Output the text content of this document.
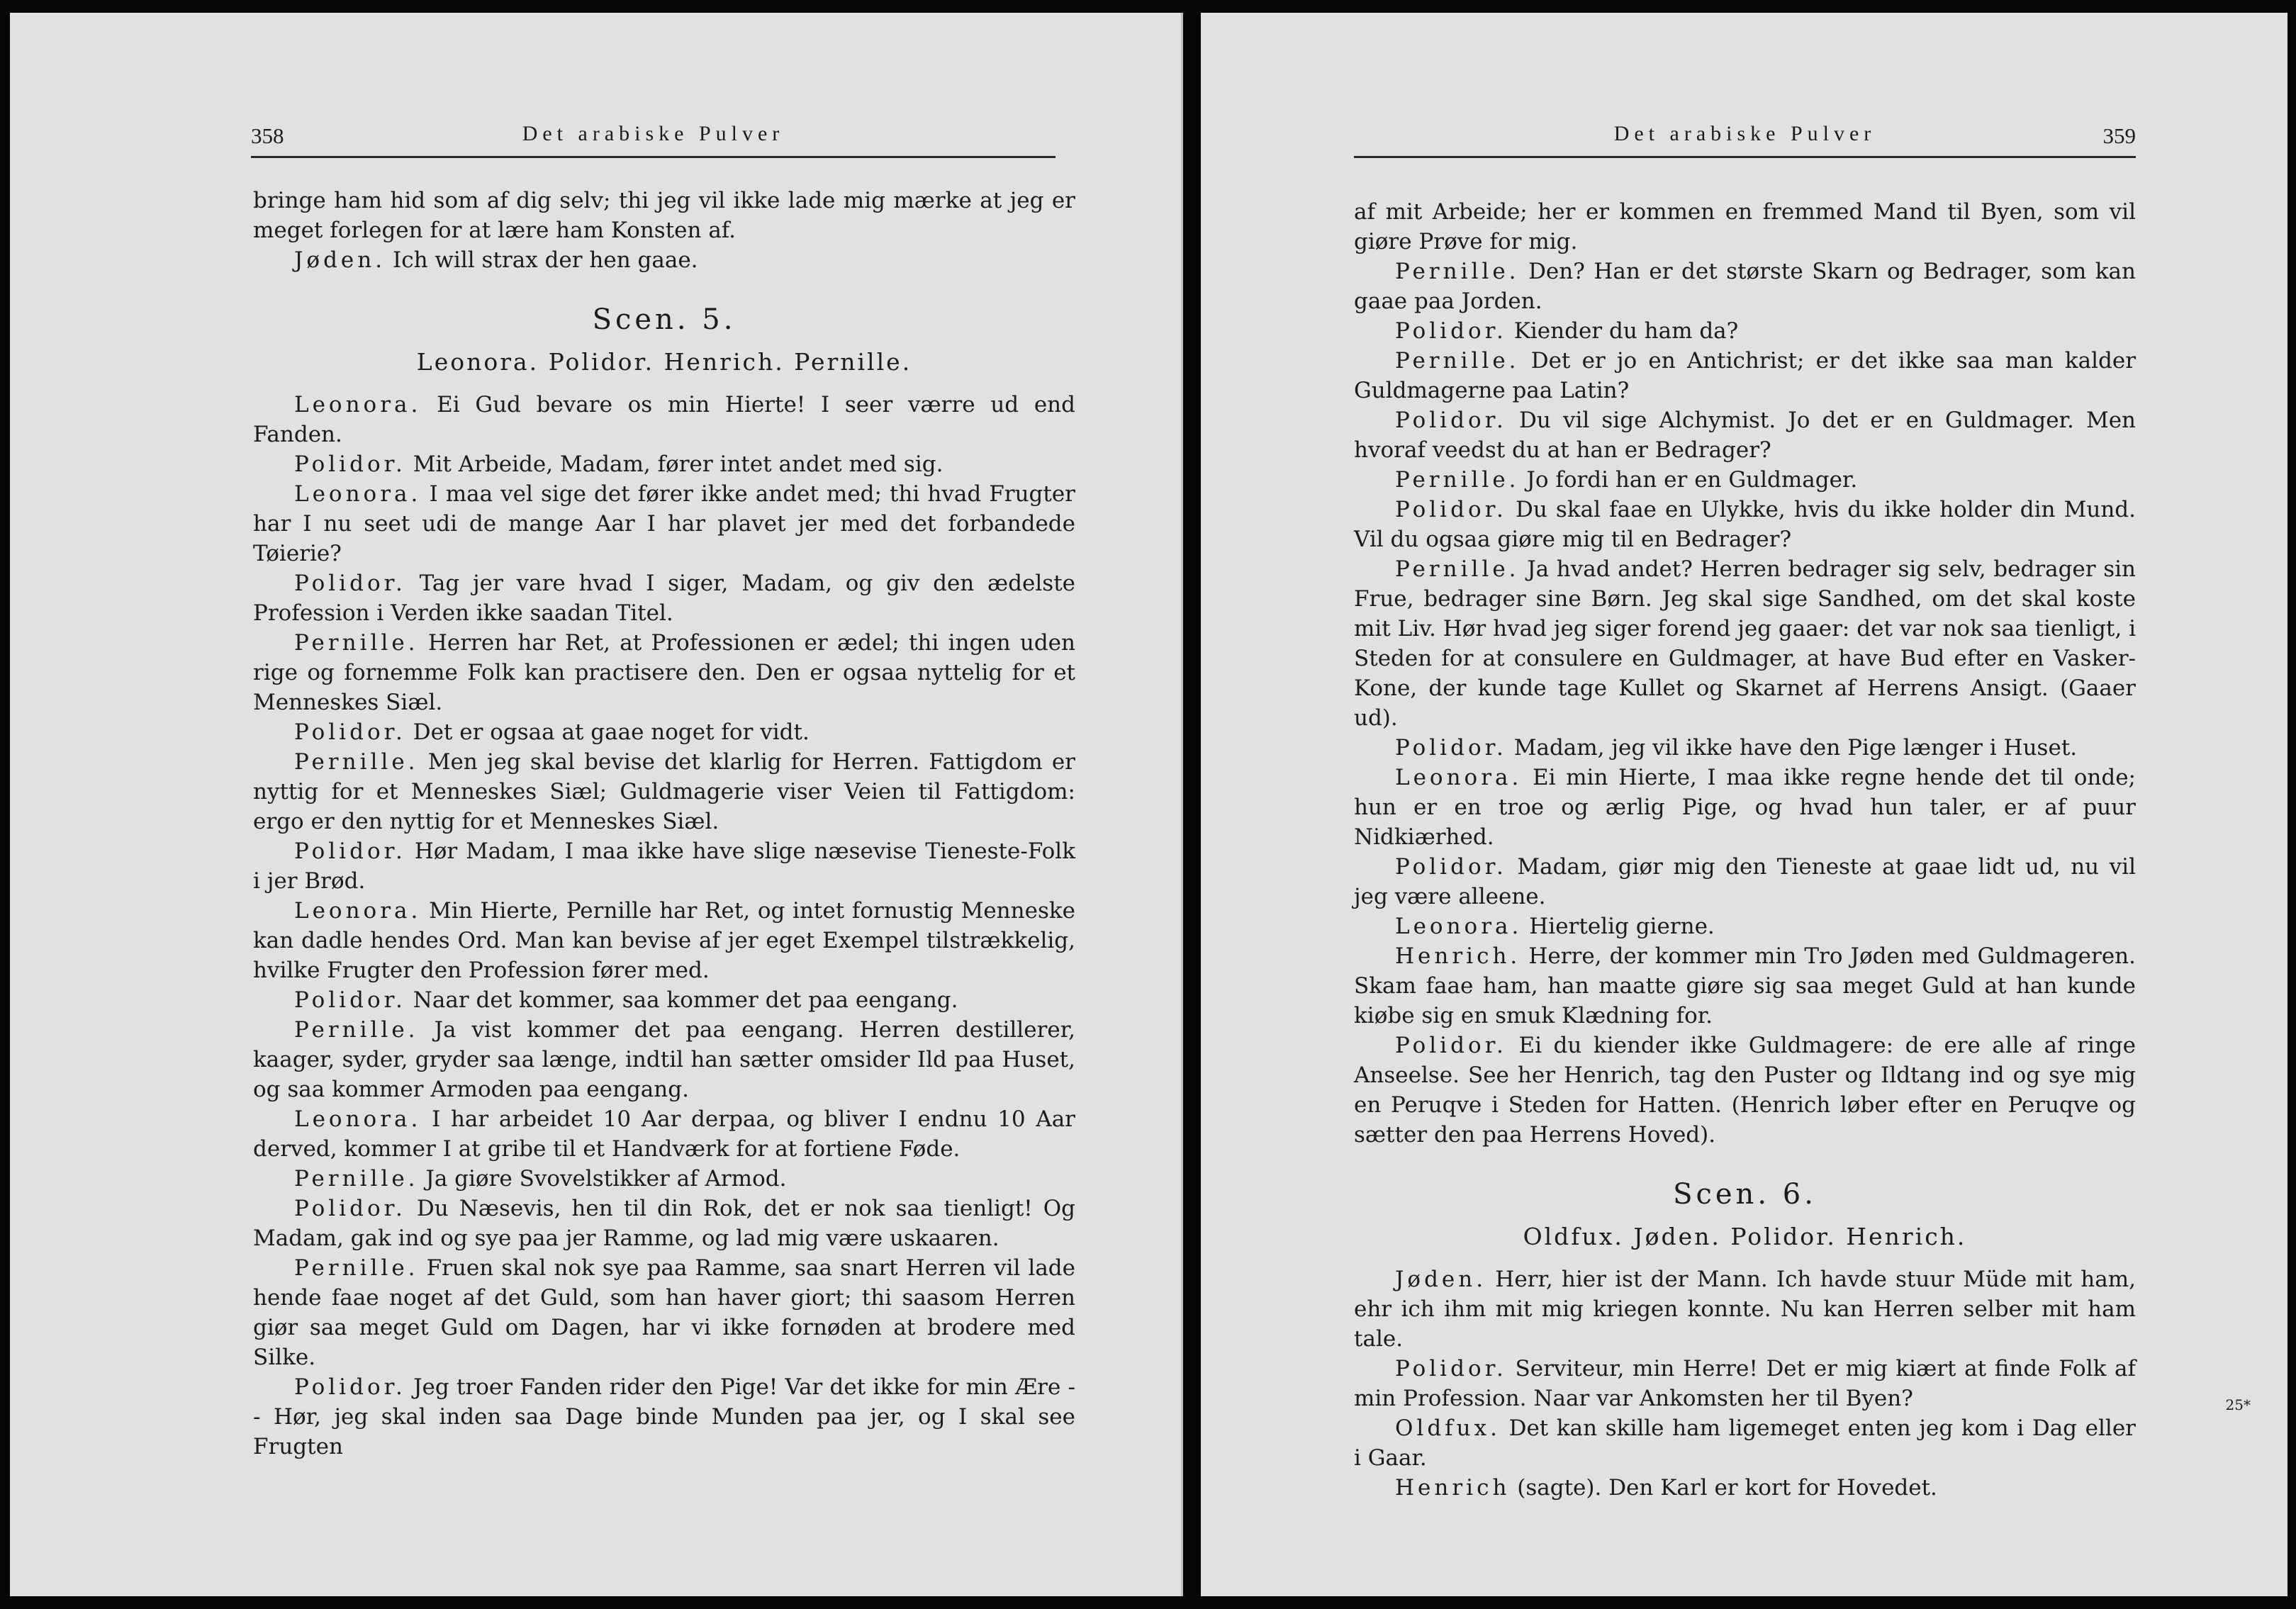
358	Det arabiske Pulver

bringe ham hid som af dig selv; thi jeg vil ikke lade mig mærke at jeg er meget forlegen for at lære ham Konsten af.

Jøden. Ich will strax der hen gaae.

Scen. 5.
Leonora. Polidor. Henrich. Pernille.

Leonora. Ei Gud bevare os min Hierte! I seer værre ud end Fanden.

Polidor. Mit Arbeide, Madam, fører intet andet med sig.

Leonora. I maa vel sige det fører ikke andet med; thi hvad Frugter har I nu seet udi de mange Aar I har plavet jer med det forbandede Tøierie?

Polidor. Tag jer vare hvad I siger, Madam, og giv den ædelste Profession i Verden ikke saadan Titel.

Pernille. Herren har Ret, at Professionen er ædel; thi ingen uden rige og fornemme Folk kan practisere den. Den er ogsaa nyttelig for et Menneskes Siæl.

Polidor. Det er ogsaa at gaae noget for vidt.

Pernille. Men jeg skal bevise det klarlig for Herren. Fattigdom er nyttig for et Menneskes Siæl; Guldmagerie viser Veien til Fattigdom: ergo er den nyttig for et Menneskes Siæl.

Polidor. Hør Madam, I maa ikke have slige næsevise Tieneste-Folk i jer Brød.

Leonora. Min Hierte, Pernille har Ret, og intet fornustig Menneske kan dadle hendes Ord. Man kan bevise af jer eget Exempel tilstrækkelig, hvilke Frugter den Profession fører med.

Polidor. Naar det kommer, saa kommer det paa eengang.

Pernille. Ja vist kommer det paa eengang. Herren destillerer, kaager, syder, gryder saa længe, indtil han sætter omsider Ild paa Huset, og saa kommer Armoden paa eengang.

Leonora. I har arbeidet 10 Aar derpaa, og bliver I endnu 10 Aar derved, kommer I at gribe til et Handværk for at fortiene Føde.

Pernille. Ja giøre Svovelstikker af Armod.

Polidor. Du Næsevis, hen til din Rok, det er nok saa tienligt! Og Madam, gak ind og sye paa jer Ramme, og lad mig være uskaaren.

Pernille. Fruen skal nok sye paa Ramme, saa snart Herren vil lade hende faae noget af det Guld, som han haver giort; thi saasom Herren giør saa meget Guld om Dagen, har vi ikke fornøden at brodere med Silke.

Polidor. Jeg troer Fanden rider den Pige! Var det ikke for min Ære - - Hør, jeg skal inden saa Dage binde Munden paa jer, og I skal see Frugten

Det arabiske Pulver	359

af mit Arbeide; her er kommen en fremmed Mand til Byen, som vil giøre Prøve for mig.

Pernille. Den? Han er det største Skarn og Bedrager, som kan gaae paa Jorden.

Polidor. Kiender du ham da?

Pernille. Det er jo en Antichrist; er det ikke saa man kalder Guldmagerne paa Latin?

Polidor. Du vil sige Alchymist. Jo det er en Guldmager. Men hvoraf veedst du at han er Bedrager?

Pernille. Jo fordi han er en Guldmager.

Polidor. Du skal faae en Ulykke, hvis du ikke holder din Mund. Vil du ogsaa giøre mig til en Bedrager?

Pernille. Ja hvad andet? Herren bedrager sig selv, bedrager sin Frue, bedrager sine Børn. Jeg skal sige Sandhed, om det skal koste mit Liv. Hør hvad jeg siger forend jeg gaaer: det var nok saa tienligt, i Steden for at consulere en Guldmager, at have Bud efter en Vasker-Kone, der kunde tage Kullet og Skarnet af Herrens Ansigt. (Gaaer ud).

Polidor. Madam, jeg vil ikke have den Pige længer i Huset.

Leonora. Ei min Hierte, I maa ikke regne hende det til onde; hun er en troe og ærlig Pige, og hvad hun taler, er af puur Nidkiærhed.

Polidor. Madam, giør mig den Tieneste at gaae lidt ud, nu vil jeg være alleene.

Leonora. Hiertelig gierne.

Henrich. Herre, der kommer min Tro Jøden med Guldmageren. Skam faae ham, han maatte giøre sig saa meget Guld at han kunde kiøbe sig en smuk Klædning for.

Polidor. Ei du kiender ikke Guldmagere: de ere alle af ringe Anseelse. See her Henrich, tag den Puster og Ildtang ind og sye mig en Peruqve i Steden for Hatten. (Henrich løber efter en Peruqve og sætter den paa Herrens Hoved).

Scen. 6.
Oldfux. Jøden. Polidor. Henrich.

Jøden. Herr, hier ist der Mann. Ich havde stuur Müde mit ham, ehr ich ihm mit mig kriegen konnte. Nu kan Herren selber mit ham tale.

Polidor. Serviteur, min Herre! Det er mig kiært at finde Folk af min Profession. Naar var Ankomsten her til Byen?

Oldfux. Det kan skille ham ligemeget enten jeg kom i Dag eller i Gaar.

Henrich (sagte). Den Karl er kort for Hovedet.

25*
